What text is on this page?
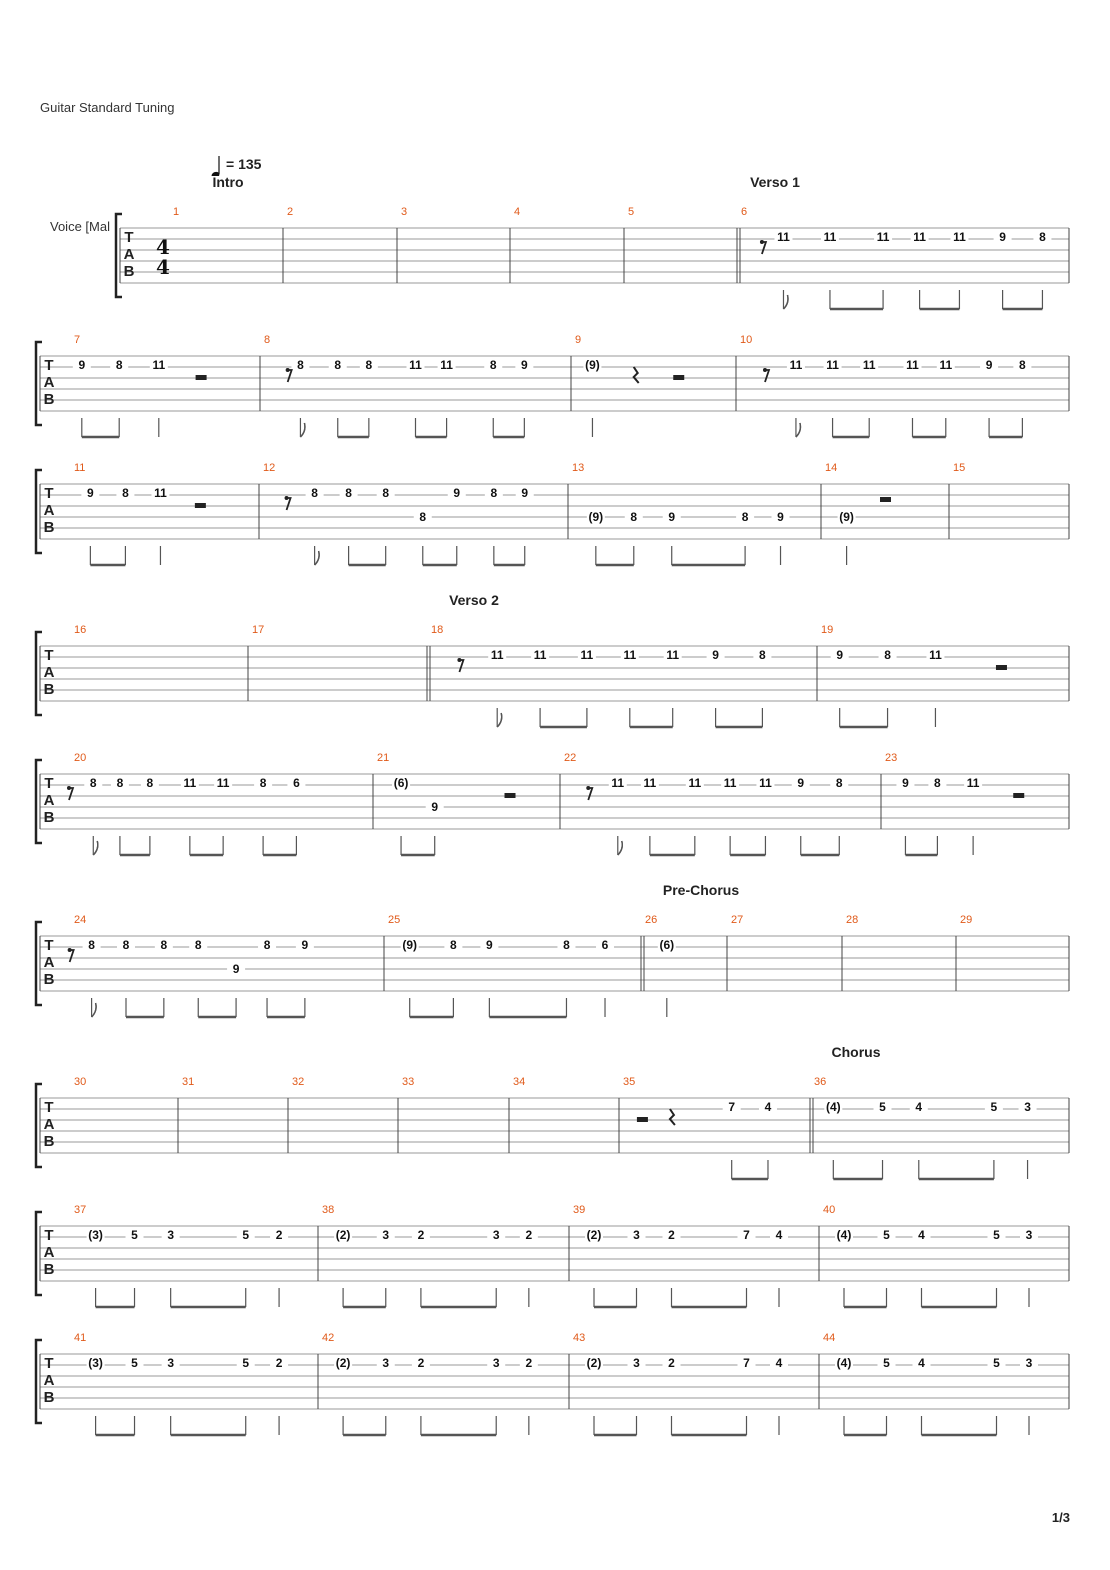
Guitar Standard Tuning
= 135
Voice [Mal
1/3
T
A
B
4
4
Intro	Verso 1
1	2	3	4	5	6
11	11	11 11 11	9	8
T
A
B
7
9	8 11
8
8	8 8	11 11	8 9
9
(9)
10
11 11 11	11 11	9 8
T
A
B
11
9 8 11
12
8 8	8
8
9	8 9
13
(9) 8	9	8 9
14
(9)
15
T
A
B
Verso 2
16	17	18
11	11	11	11	11	9	8
19
9	8	11
T
A
B
20
8 8 8	11 11	8 6
21
(6)
9
22
11 11	11 11 11 9	8
23
9 8 11
T
A
B
Pre-Chorus
24
8 8	8 8
9
8	9
25
(9)	8 9	8	6
26
(6)
27	28	29
T
A
B
Chorus
30	31	32	33	34	35
7 4
36
(4)	5 4	5 3
T
A
B
37
(3) 5 3	5 2
38
(2)	3 2	3 2
39
(2)	3 2	7 4
40
(4)	5 4	5 3
T
A
B
41
(3) 5 3	5 2
42
(2)	3 2	3 2
43
(2)	3 2	7 4
44
(4)	5 4	5 3
